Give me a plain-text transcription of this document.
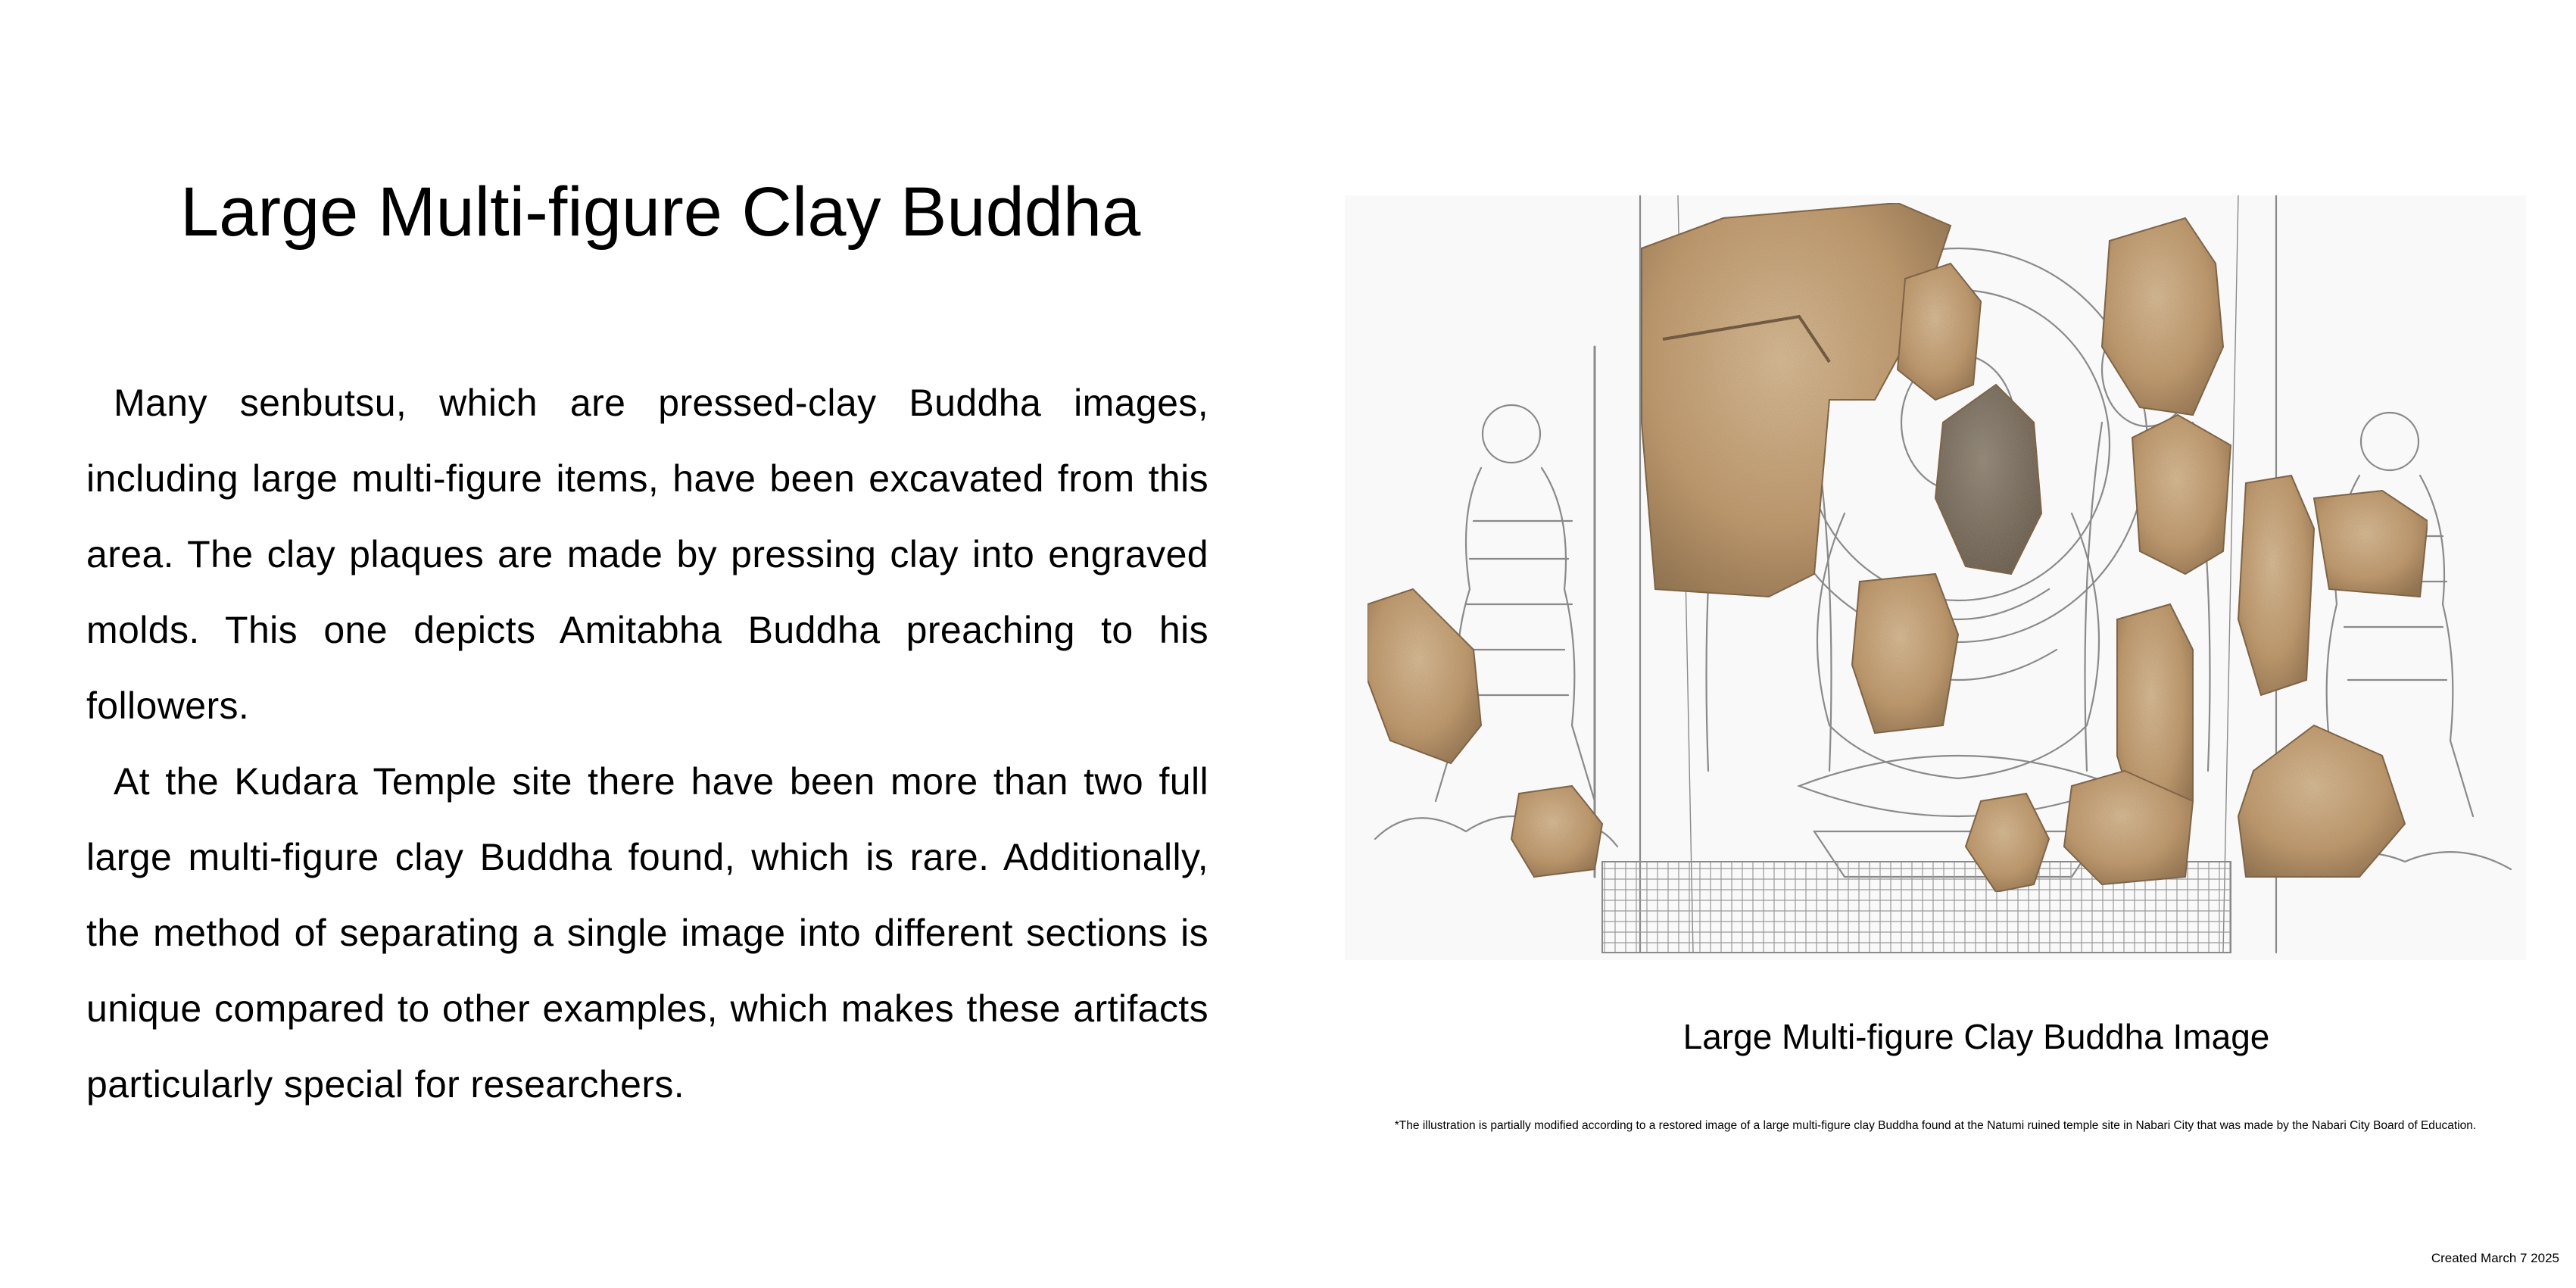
Large Multi-figure Clay Buddha

Many senbutsu, which are pressed-clay Buddha images, including large multi-figure items, have been excavated from this area. The clay plaques are made by pressing clay into engraved molds. This one depicts Amitabha Buddha preaching to his followers.

At the Kudara Temple site there have been more than two full large multi-figure clay Buddha found, which is rare. Additionally, the method of separating a single image into different sections is unique compared to other examples, which makes these artifacts particularly special for researchers.

Large Multi-figure Clay Buddha Image
*The illustration is partially modified according to a restored image of a large multi-figure clay Buddha found at the Natumi ruined temple site in Nabari City that was made by the Nabari City Board of Education.
Created March 7 2025
